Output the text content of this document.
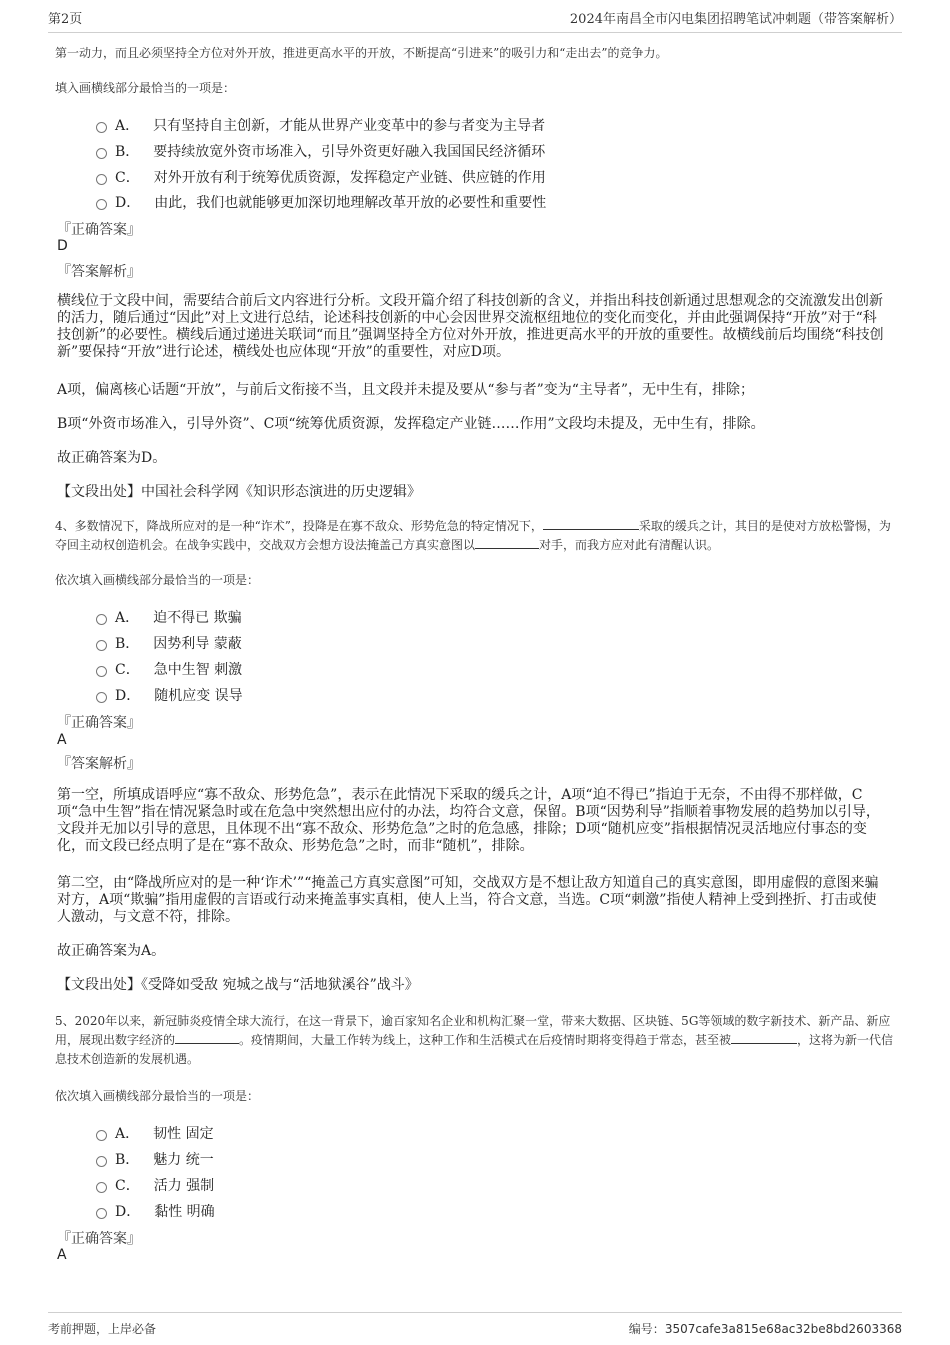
第2页	2024年南昌全市闪电集团招聘笔试冲刺题（带答案解析）
第一动力，而且必须坚持全方位对外开放，推进更高水平的开放，不断提高“引进来”的吸引力和“走出去”的竞争力。
填入画横线部分最恰当的一项是：
A． 只有坚持自主创新，才能从世界产业变革中的参与者变为主导者
B． 要持续放宽外资市场准入，引导外资更好融入我国国民经济循环
C． 对外开放有利于统筹优质资源，发挥稳定产业链、供应链的作用
D． 由此，我们也就能够更加深切地理解改革开放的必要性和重要性
『正确答案』
D
『答案解析』
横线位于文段中间，需要结合前后文内容进行分析。文段开篇介绍了科技创新的含义，并指出科技创新通过思想观念的交流激发出创新的活力，随后通过“因此”对上文进行总结，论述科技创新的中心会因世界交流枢纽地位的变化而变化，并由此强调保持“开放”对于“科技创新”的必要性。横线后通过递进关联词“而且”强调坚持全方位对外开放，推进更高水平的开放的重要性。故横线前后均围绕“科技创新”要保持“开放”进行论述，横线处也应体现“开放”的重要性，对应D项。
A项，偏离核心话题“开放”，与前后文衔接不当，且文段并未提及要从“参与者”变为“主导者”，无中生有，排除；
B项“外资市场准入，引导外资”、C项“统筹优质资源，发挥稳定产业链……作用”文段均未提及，无中生有，排除。
故正确答案为D。
【文段出处】中国社会科学网《知识形态演进的历史逻辑》
4、多数情况下，降战所应对的是一种“诈术”，投降是在寡不敌众、形势危急的特定情况下，	采取的缓兵之计，其目的是使对方放松警惕，为夺回主动权创造机会。在战争实践中，交战双方会想方设法掩盖己方真实意图以	对手，而我方应对此有清醒认识。
依次填入画横线部分最恰当的一项是：
A． 迫不得已 欺骗
B． 因势利导 蒙蔽
C． 急中生智 刺激
D． 随机应变 误导
『正确答案』
A
『答案解析』
第一空，所填成语呼应“寡不敌众、形势危急”，表示在此情况下采取的缓兵之计，A项“迫不得已”指迫于无奈，不由得不那样做，C项“急中生智”指在情况紧急时或在危急中突然想出应付的办法，均符合文意，保留。B项“因势利导”指顺着事物发展的趋势加以引导，文段并无加以引导的意思，且体现不出“寡不敌众、形势危急”之时的危急感，排除；D项“随机应变”指根据情况灵活地应付事态的变化，而文段已经点明了是在“寡不敌众、形势危急”之时，而非“随机”，排除。
第二空，由“降战所应对的是一种‘诈术’”“掩盖己方真实意图”可知，交战双方是不想让敌方知道自己的真实意图，即用虚假的意图来骗对方，A项“欺骗”指用虚假的言语或行动来掩盖事实真相，使人上当，符合文意，当选。C项“刺激”指使人精神上受到挫折、打击或使人激动，与文意不符，排除。
故正确答案为A。
【文段出处】《受降如受敌 宛城之战与“活地狱溪谷”战斗》
5、2020年以来，新冠肺炎疫情全球大流行，在这一背景下，逾百家知名企业和机构汇聚一堂，带来大数据、区块链、5G等领域的数字新技术、新产品、新应用，展现出数字经济的	。疫情期间，大量工作转为线上，这种工作和生活模式在后疫情时期将变得趋于常态，甚至被	，这将为新一代信息技术创造新的发展机遇。
依次填入画横线部分最恰当的一项是：
A． 韧性 固定
B． 魅力 统一
C． 活力 强制
D． 黏性 明确
『正确答案』
A
考前押题，上岸必备	编号：3507cafe3a815e68ac32be8bd2603368
